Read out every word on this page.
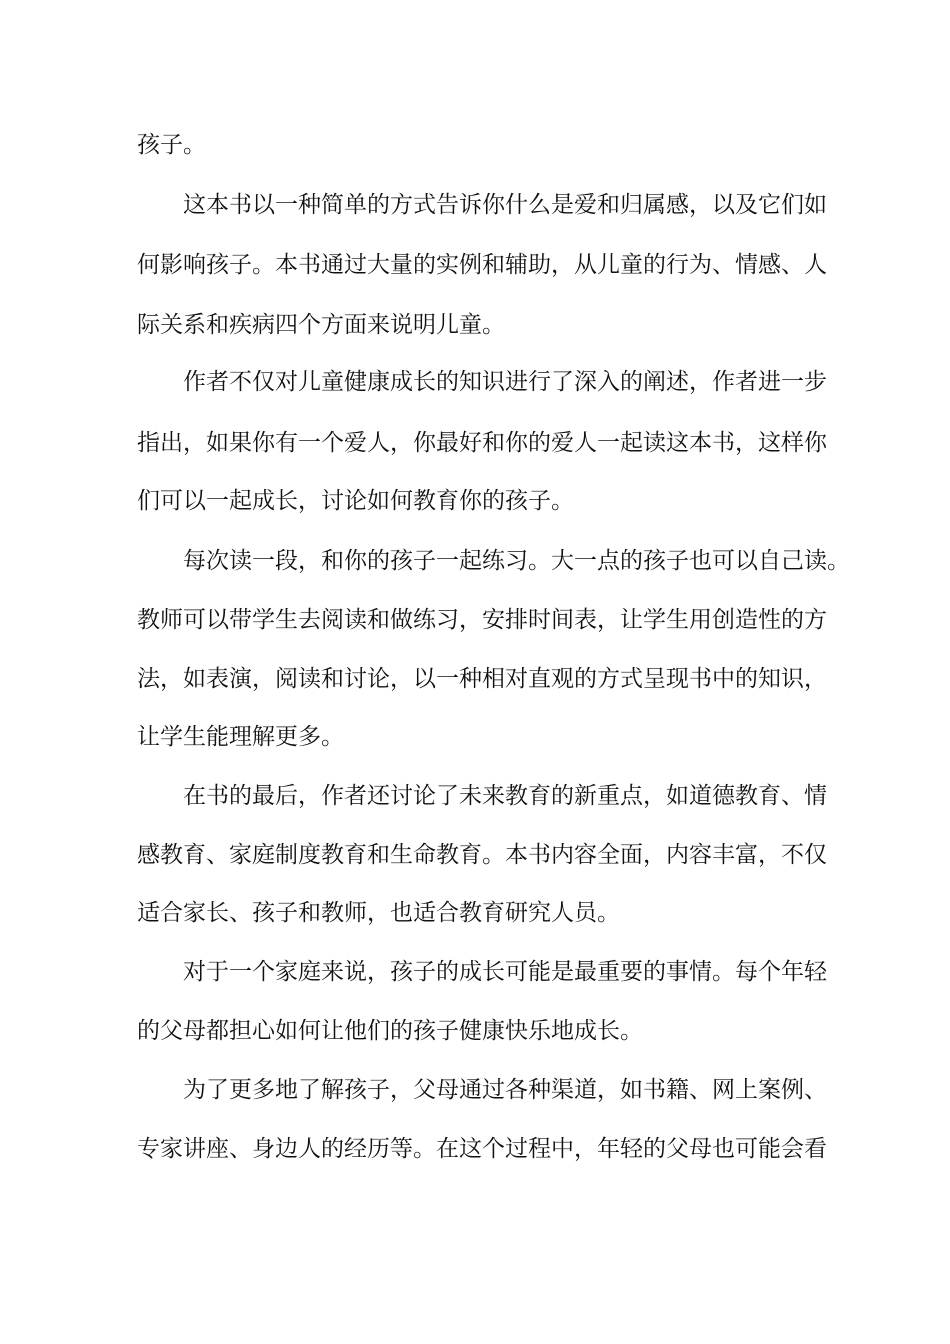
孩子。

这本书以一种简单的方式告诉你什么是爱和归属感，以及它们如

何影响孩子。本书通过大量的实例和辅助，从儿童的行为、情感、人

际关系和疾病四个方面来说明儿童。

作者不仅对儿童健康成长的知识进行了深入的阐述，作者进一步

指出，如果你有一个爱人，你最好和你的爱人一起读这本书，这样你

们可以一起成长，讨论如何教育你的孩子。

每次读一段，和你的孩子一起练习。大一点的孩子也可以自己读。

教师可以带学生去阅读和做练习，安排时间表，让学生用创造性的方

法，如表演，阅读和讨论，以一种相对直观的方式呈现书中的知识，

让学生能理解更多。

在书的最后，作者还讨论了未来教育的新重点，如道德教育、情

感教育、家庭制度教育和生命教育。本书内容全面，内容丰富，不仅

适合家长、孩子和教师，也适合教育研究人员。

对于一个家庭来说，孩子的成长可能是最重要的事情。每个年轻

的父母都担心如何让他们的孩子健康快乐地成长。

为了更多地了解孩子，父母通过各种渠道，如书籍、网上案例、

专家讲座、身边人的经历等。在这个过程中，年轻的父母也可能会看
